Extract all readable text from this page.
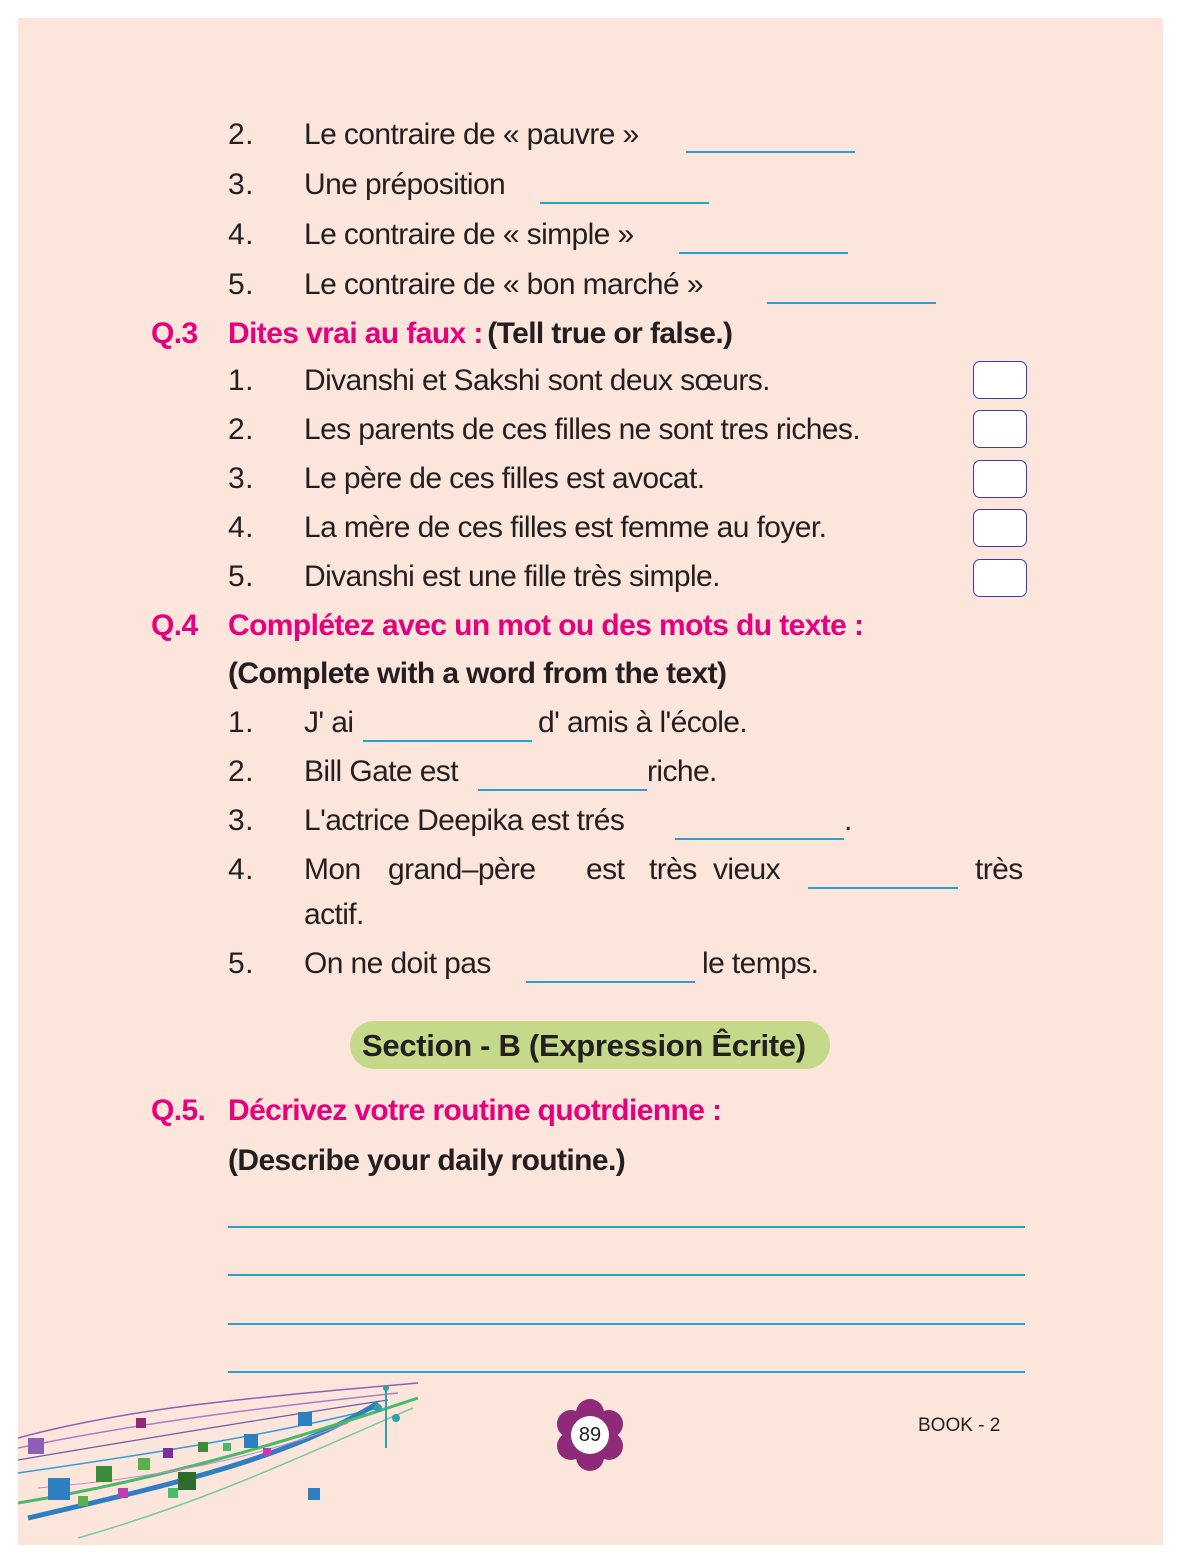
2. Le contraire de « pauvre »
3. Une préposition
4. Le contraire de « simple »
5. Le contraire de « bon marché »
Q.3 Dites vrai au faux : (Tell true or false.)
1. Divanshi et Sakshi sont deux sœurs.
2. Les parents de ces filles ne sont tres riches.
3. Le père de ces filles est avocat.
4. La mère de ces filles est femme au foyer.
5. Divanshi est une fille très simple.
Q.4 Complétez avec un mot ou des mots du texte :
(Complete with a word from the text)
1. J' ai	d' amis à l'école.
2. Bill Gate est	riche.
3. L'actrice Deepika est trés	.
4. Mon grand–père est très vieux	très
actif.
5. On ne doit pas	le temps.
Section - B (Expression Êcrite)
Q.5. Décrivez votre routine quotrdienne :
(Describe your daily routine.)
89	BOOK - 2
